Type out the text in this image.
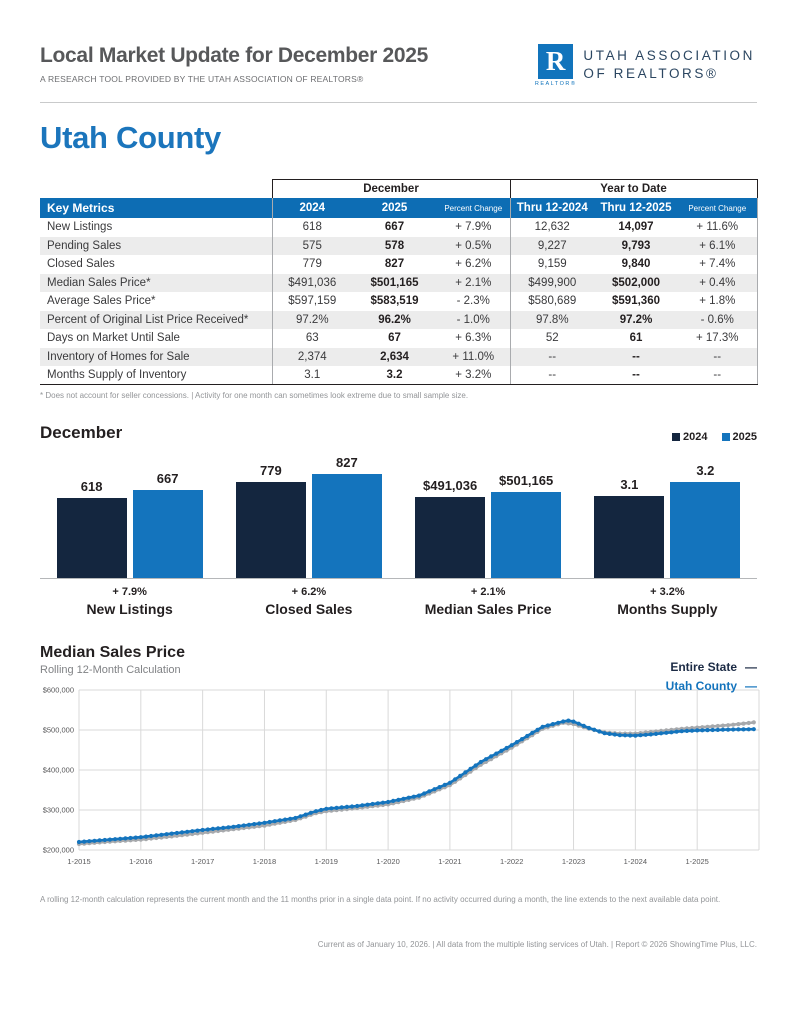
Local Market Update for December 2025
A RESEARCH TOOL PROVIDED BY THE UTAH ASSOCIATION OF REALTORS®
R
REALTOR®
UTAH ASSOCIATION
OF REALTORS®
Utah County
	December			Year to Date		
Key Metrics	2024	2025	Percent Change	Thru 12-2024	Thru 12-2025	Percent Change
New Listings	618	667	+ 7.9%	12,632	14,097	+ 11.6%
Pending Sales	575	578	+ 0.5%	9,227	9,793	+ 6.1%
Closed Sales	779	827	+ 6.2%	9,159	9,840	+ 7.4%
Median Sales Price*	$491,036	$501,165	+ 2.1%	$499,900	$502,000	+ 0.4%
Average Sales Price*	$597,159	$583,519	- 2.3%	$580,689	$591,360	+ 1.8%
Percent of Original List Price Received*	97.2%	96.2%	- 1.0%	97.8%	97.2%	- 0.6%
Days on Market Until Sale	63	67	+ 6.3%	52	61	+ 17.3%
Inventory of Homes for Sale	2,374	2,634	+ 11.0%	--	--	--
Months Supply of Inventory	3.1	3.2	+ 3.2%	--	--	--
* Does not account for seller concessions. | Activity for one month can sometimes look extreme due to small sample size.
December	2024	2025
618
667
779
827
$491,036 $501,165	3.1
3.2
+ 7.9%	+ 6.2%	+ 2.1%	+ 3.2%
New Listings	Closed Sales	Median Sales Price	Months Supply
Median Sales Price
Rolling 12-Month Calculation	Entire State —
Utah County —
$600,000
$500,000
$400,000
$300,000
$200,000
1-2015	1-2016	1-2017	1-2018	1-2019	1-2020	1-2021	1-2022	1-2023	1-2024	1-2025
A rolling 12-month calculation represents the current month and the 11 months prior in a single data point. If no activity occurred during a month, the line extends to the next available data point.
Current as of January 10, 2026. | All data from the multiple listing services of Utah. | Report © 2026 ShowingTime Plus, LLC.
